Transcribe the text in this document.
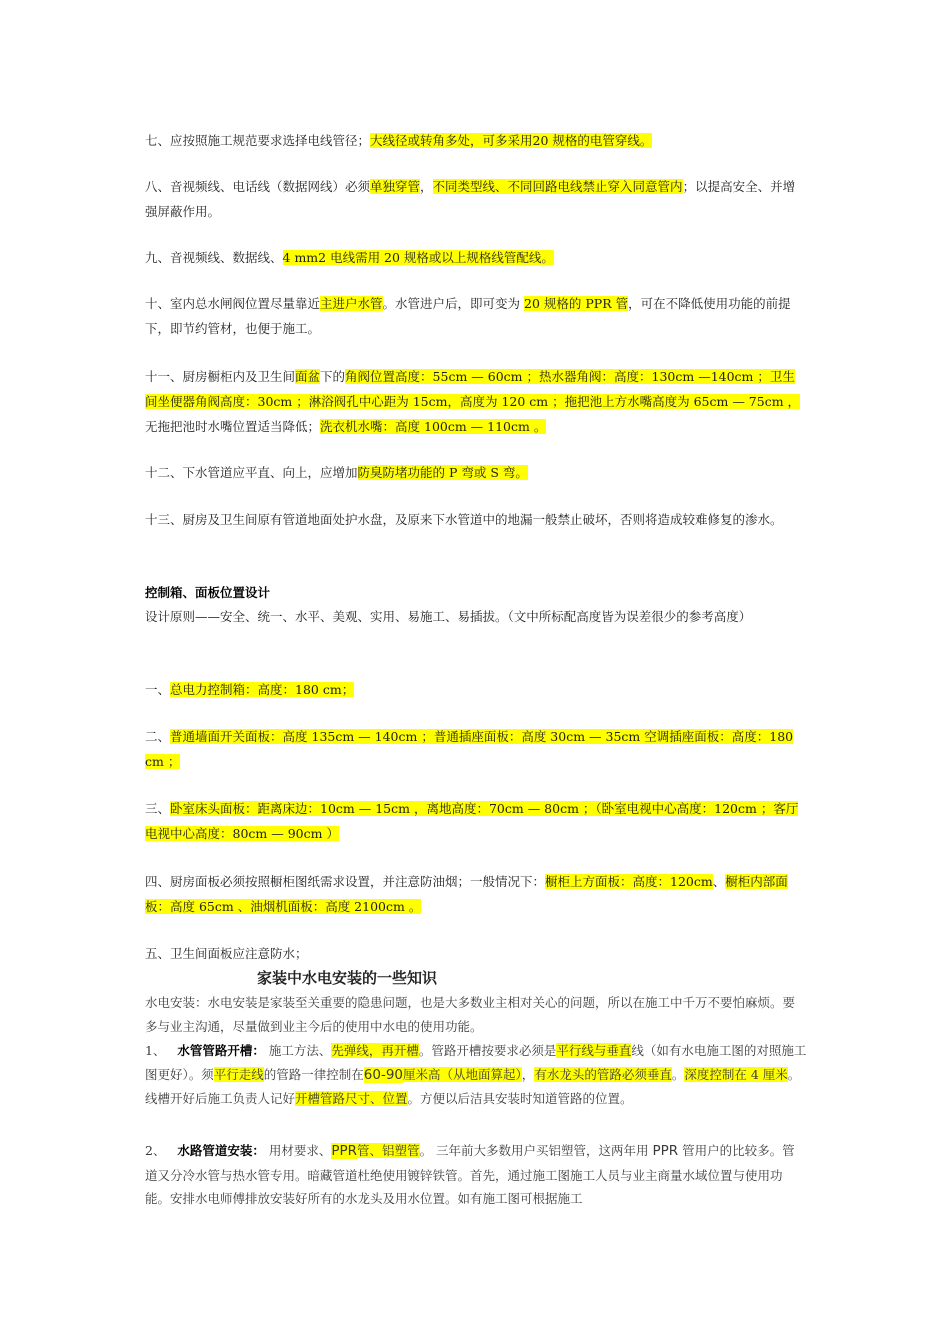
七、应按照施工规范要求选择电线管径；大线径或转角多处，可多采用20 规格的电管穿线。

八、音视频线、电话线（数据网线）必须单独穿管，不同类型线、不同回路电线禁止穿入同意管内；以提高安全、并增强屏蔽作用。

九、音视频线、数据线、4 mm2 电线需用 20 规格或以上规格线管配线。

十、室内总水闸阀位置尽量靠近主进户水管。水管进户后，即可变为 20 规格的 PPR 管，可在不降低使用功能的前提下，即节约管材，也便于施工。

十一、厨房橱柜内及卫生间面盆下的角阀位置高度：55cm — 60cm ；热水器角阀：高度：130cm —140cm ；卫生间坐便器角阀高度：30cm ；淋浴阀孔中心距为 15cm，高度为 120 cm ；拖把池上方水嘴高度为 65cm — 75cm ，无拖把池时水嘴位置适当降低；洗衣机水嘴：高度 100cm — 110cm 。

十二、下水管道应平直、向上，应增加防臭防堵功能的 P 弯或 S 弯。

十三、厨房及卫生间原有管道地面处护水盘，及原来下水管道中的地漏一般禁止破坏，否则将造成较难修复的渗水。

控制箱、面板位置设计

设计原则——安全、统一、水平、美观、实用、易施工、易插拔。（文中所标配高度皆为误差很少的参考高度）

一、总电力控制箱：高度：180 cm；

二、普通墙面开关面板：高度 135cm — 140cm ；普通插座面板：高度 30cm — 35cm 空调插座面板：高度：180 cm ；

三、卧室床头面板：距离床边：10cm — 15cm ，离地高度：70cm — 80cm ；（卧室电视中心高度：120cm ；客厅电视中心高度：80cm — 90cm ）

四、厨房面板必须按照橱柜图纸需求设置，并注意防油烟；一般情况下：橱柜上方面板：高度：120cm、橱柜内部面板：高度 65cm 、油烟机面板：高度 2100cm 。

五、卫生间面板应注意防水；

家装中水电安装的一些知识

水电安装：水电安装是家装至关重要的隐患问题，也是大多数业主相对关心的问题，所以在施工中千万不要怕麻烦。要多与业主沟通，尽量做到业主今后的使用中水电的使用功能。

1、 水管管路开槽： 施工方法、先弹线，再开槽。管路开槽按要求必须是平行线与垂直线（如有水电施工图的对照施工图更好）。须平行走线的管路一律控制在60-90厘米高（从地面算起），有水龙头的管路必须垂直。深度控制在 4 厘米。线槽开好后施工负责人记好开槽管路尺寸、位置。方便以后洁具安装时知道管路的位置。

2、 水路管道安装： 用材要求、PPR管、铝塑管。 三年前大多数用户买铝塑管，这两年用 PPR 管用户的比较多。管道又分冷水管与热水管专用。暗藏管道杜绝使用镀锌铁管。首先，通过施工图施工人员与业主商量水域位置与使用功能。安排水电师傅排放安装好所有的水龙头及用水位置。如有施工图可根据施工
